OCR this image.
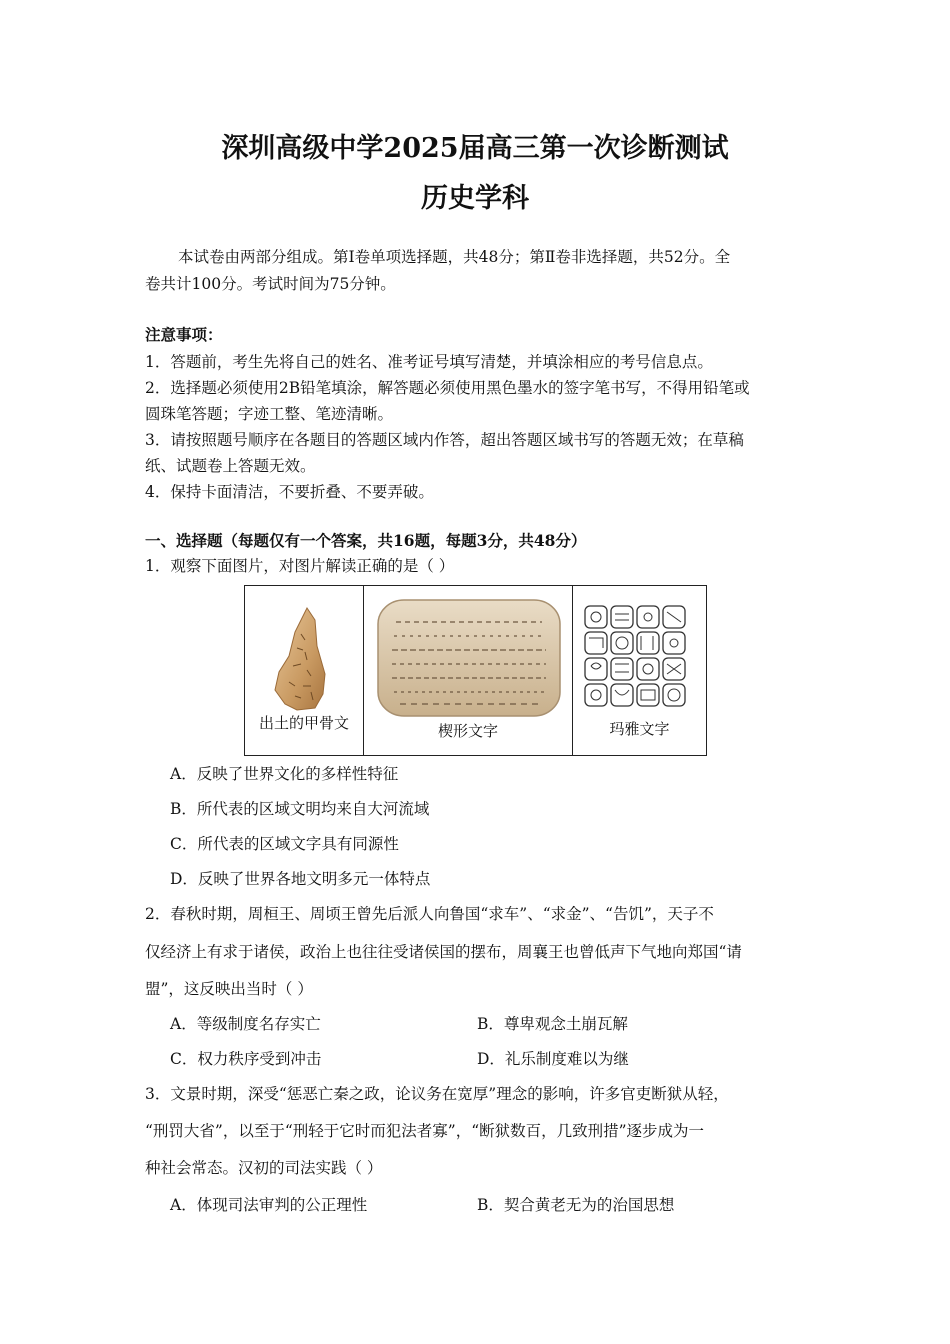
深圳高级中学2025届高三第一次诊断测试
历史学科
本试卷由两部分组成。第Ⅰ卷单项选择题，共48分；第Ⅱ卷非选择题，共52分。全
卷共计100分。考试时间为75分钟。
注意事项：
1．答题前，考生先将自己的姓名、准考证号填写清楚，并填涂相应的考号信息点。
2．选择题必须使用2B铅笔填涂，解答题必须使用黑色墨水的签字笔书写，不得用铅笔或
圆珠笔答题；字迹工整、笔迹清晰。
3．请按照题号顺序在各题目的答题区域内作答，超出答题区域书写的答题无效；在草稿
纸、试题卷上答题无效。
4．保持卡面清洁，不要折叠、不要弄破。
一、选择题（每题仅有一个答案，共16题，每题3分，共48分）
1．观察下面图片，对图片解读正确的是（ ）
出土的甲骨文	楔形文字	玛雅文字
A．反映了世界文化的多样性特征
B．所代表的区域文明均来自大河流域
C．所代表的区域文字具有同源性
D．反映了世界各地文明多元一体特点
2．春秋时期，周桓王、周顷王曾先后派人向鲁国“求车”、“求金”、“告饥”，天子不
仅经济上有求于诸侯，政治上也往往受诸侯国的摆布，周襄王也曾低声下气地向郑国“请
盟”，这反映出当时（ ）
A．等级制度名存实亡	B．尊卑观念土崩瓦解
C．权力秩序受到冲击	D．礼乐制度难以为继
3．文景时期，深受“惩恶亡秦之政，论议务在宽厚”理念的影响，许多官吏断狱从轻，
“刑罚大省”，以至于“刑轻于它时而犯法者寡”，“断狱数百，几致刑措”逐步成为一
种社会常态。汉初的司法实践（ ）
A．体现司法审判的公正理性	B．契合黄老无为的治国思想
